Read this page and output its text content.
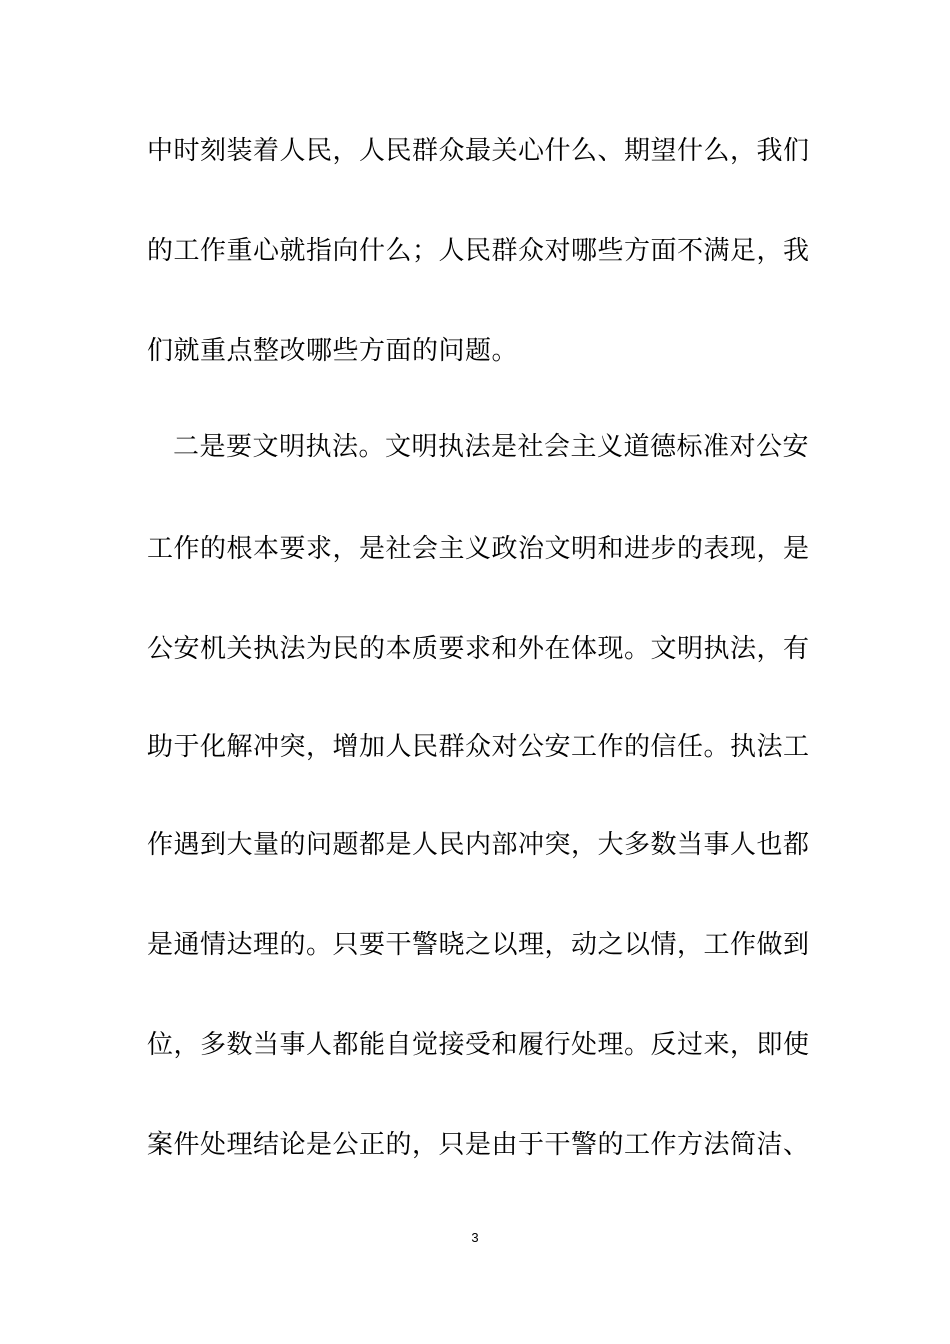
中时刻装着人民，人民群众最关心什么、期望什么，我们
的工作重心就指向什么；人民群众对哪些方面不满足，我
们就重点整改哪些方面的问题。
二是要文明执法。文明执法是社会主义道德标准对公安
工作的根本要求，是社会主义政治文明和进步的表现，是
公安机关执法为民的本质要求和外在体现。文明执法，有
助于化解冲突，增加人民群众对公安工作的信任。执法工
作遇到大量的问题都是人民内部冲突，大多数当事人也都
是通情达理的。只要干警晓之以理，动之以情，工作做到
位，多数当事人都能自觉接受和履行处理。反过来，即使
案件处理结论是公正的，只是由于干警的工作方法简洁、
3
